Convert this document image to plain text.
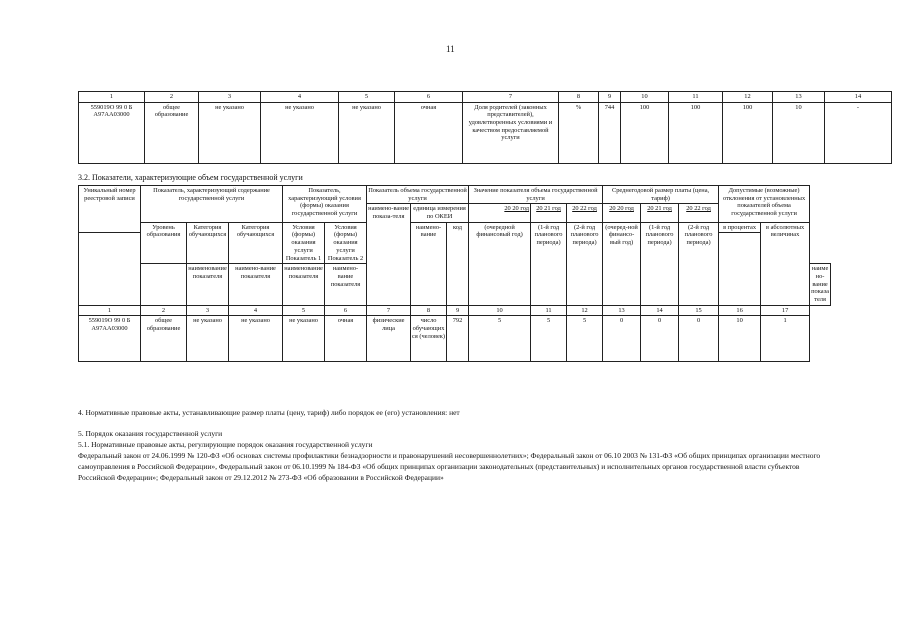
11
1	2	3	4	5	6	7	8	9	10	11	12	13	14
559019О 99 0 Б А97АА03000	общее образование	не указано	не указано	не указано	очная	Доля родителей (законных представителей), удовлетворенных условиями и качеством предоставляемой услуги	%	744	100	100	100	10	-
3.2. Показатели, характеризующие объем государственной услуги
Уникальный номер реестровой записи	Показатель, характеризующий содержание государственной услуги			Показатель, характеризующий условия (формы) оказания государственной услуги		Показатель объема государственной услуги			Значение показателя объема государственной услуги			Среднегодовой размер платы (цена, тариф)			Допустимые (возможные) отклонения от установленных показателей объема государственной услуги		
						наимено-вание показа-теля	единица измерения по ОКЕИ		20 20 год	20 21 год	20 22 год	20 20 год	20 21 год	20 22 год			
	Уровень образования	Категория обучающихся	Категория обучающихся	Условия (формы) оказания услуги Показатель 1	Условия (формы) оказания услуги Показатель 2		наимено-вание	код	(очередной финансовый год)	(1-й год планового периода)	(2-й год планового периода)	(очеред-ной финансо-вый год)	(1-й год планового периода)	(2-й год планового периода)	в процентах	в абсолютных величинах	

		наименование показателя	наимено-вание показателя	наименование показателя	наимено-вание показателя												наимено-вание показателя
1	2	3	4	5	6	7	8	9	10	11	12	13	14	15	16	17	
559019О 99 0 Б А97АА03000	общее образование	не указано	не указано	не указано	очная	физические лица	число обучающихся (человек)	792	5	5	5	0	0	0	10	1	
4. Нормативные правовые акты, устанавливающие размер платы (цену, тариф) либо порядок ее (его) установления: нет
5. Порядок оказания государственной услуги
5.1. Нормативные правовые акты, регулирующие порядок оказания государственной услуги
Федеральный закон от 24.06.1999 № 120-ФЗ «Об основах системы профилактики безнадзорности и правонарушений несовершеннолетних»; Федеральный закон от 06.10 2003 № 131-ФЗ «Об общих принципах организации местного самоуправления в Российской Федерации», Федеральный закон от 06.10.1999 № 184-ФЗ «Об общих принципах организации законодательных (представительных) и исполнительных органов государственной власти субъектов Российской Федерации»; Федеральный закон от 29.12.2012 № 273-ФЗ «Об образовании в Российской Федерации»
